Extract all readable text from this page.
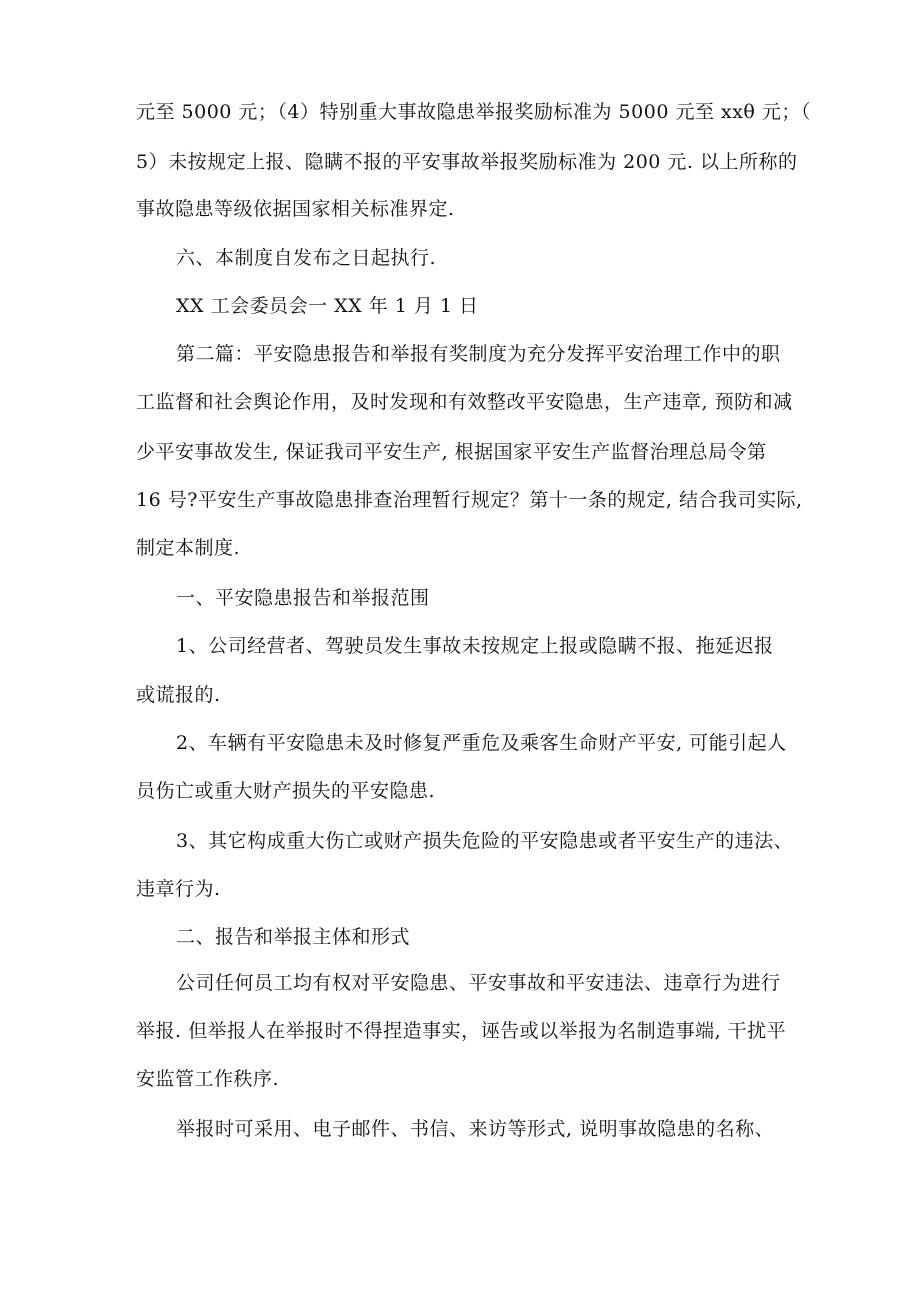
元至 5000 元；（4）特别重大事故隐患举报奖励标准为 5000 元至 xxθ 元；（

5）未按规定上报、隐瞒不报的平安事故举报奖励标准为 200 元. 以上所称的

事故隐患等级依据国家相关标准界定.

六、本制度自发布之日起执行.

XX 工会委员会一 XX 年 1 月 1 日

第二篇：平安隐患报告和举报有奖制度为充分发挥平安治理工作中的职

工监督和社会舆论作用，及时发现和有效整改平安隐患，生产违章, 预防和减

少平安事故发生, 保证我司平安生产, 根据国家平安生产监督治理总局令第

16 号?平安生产事故隐患排查治理暂行规定？第十一条的规定, 结合我司实际,

制定本制度.

一、平安隐患报告和举报范围

1、公司经营者、驾驶员发生事故未按规定上报或隐瞒不报、拖延迟报

或谎报的.

2、车辆有平安隐患未及时修复严重危及乘客生命财产平安, 可能引起人

员伤亡或重大财产损失的平安隐患.

3、其它构成重大伤亡或财产损失危险的平安隐患或者平安生产的违法、

违章行为.

二、报告和举报主体和形式

公司任何员工均有权对平安隐患、平安事故和平安违法、违章行为进行

举报. 但举报人在举报时不得捏造事实，诬告或以举报为名制造事端, 干扰平

安监管工作秩序.

举报时可采用、电子邮件、书信、来访等形式, 说明事故隐患的名称、
